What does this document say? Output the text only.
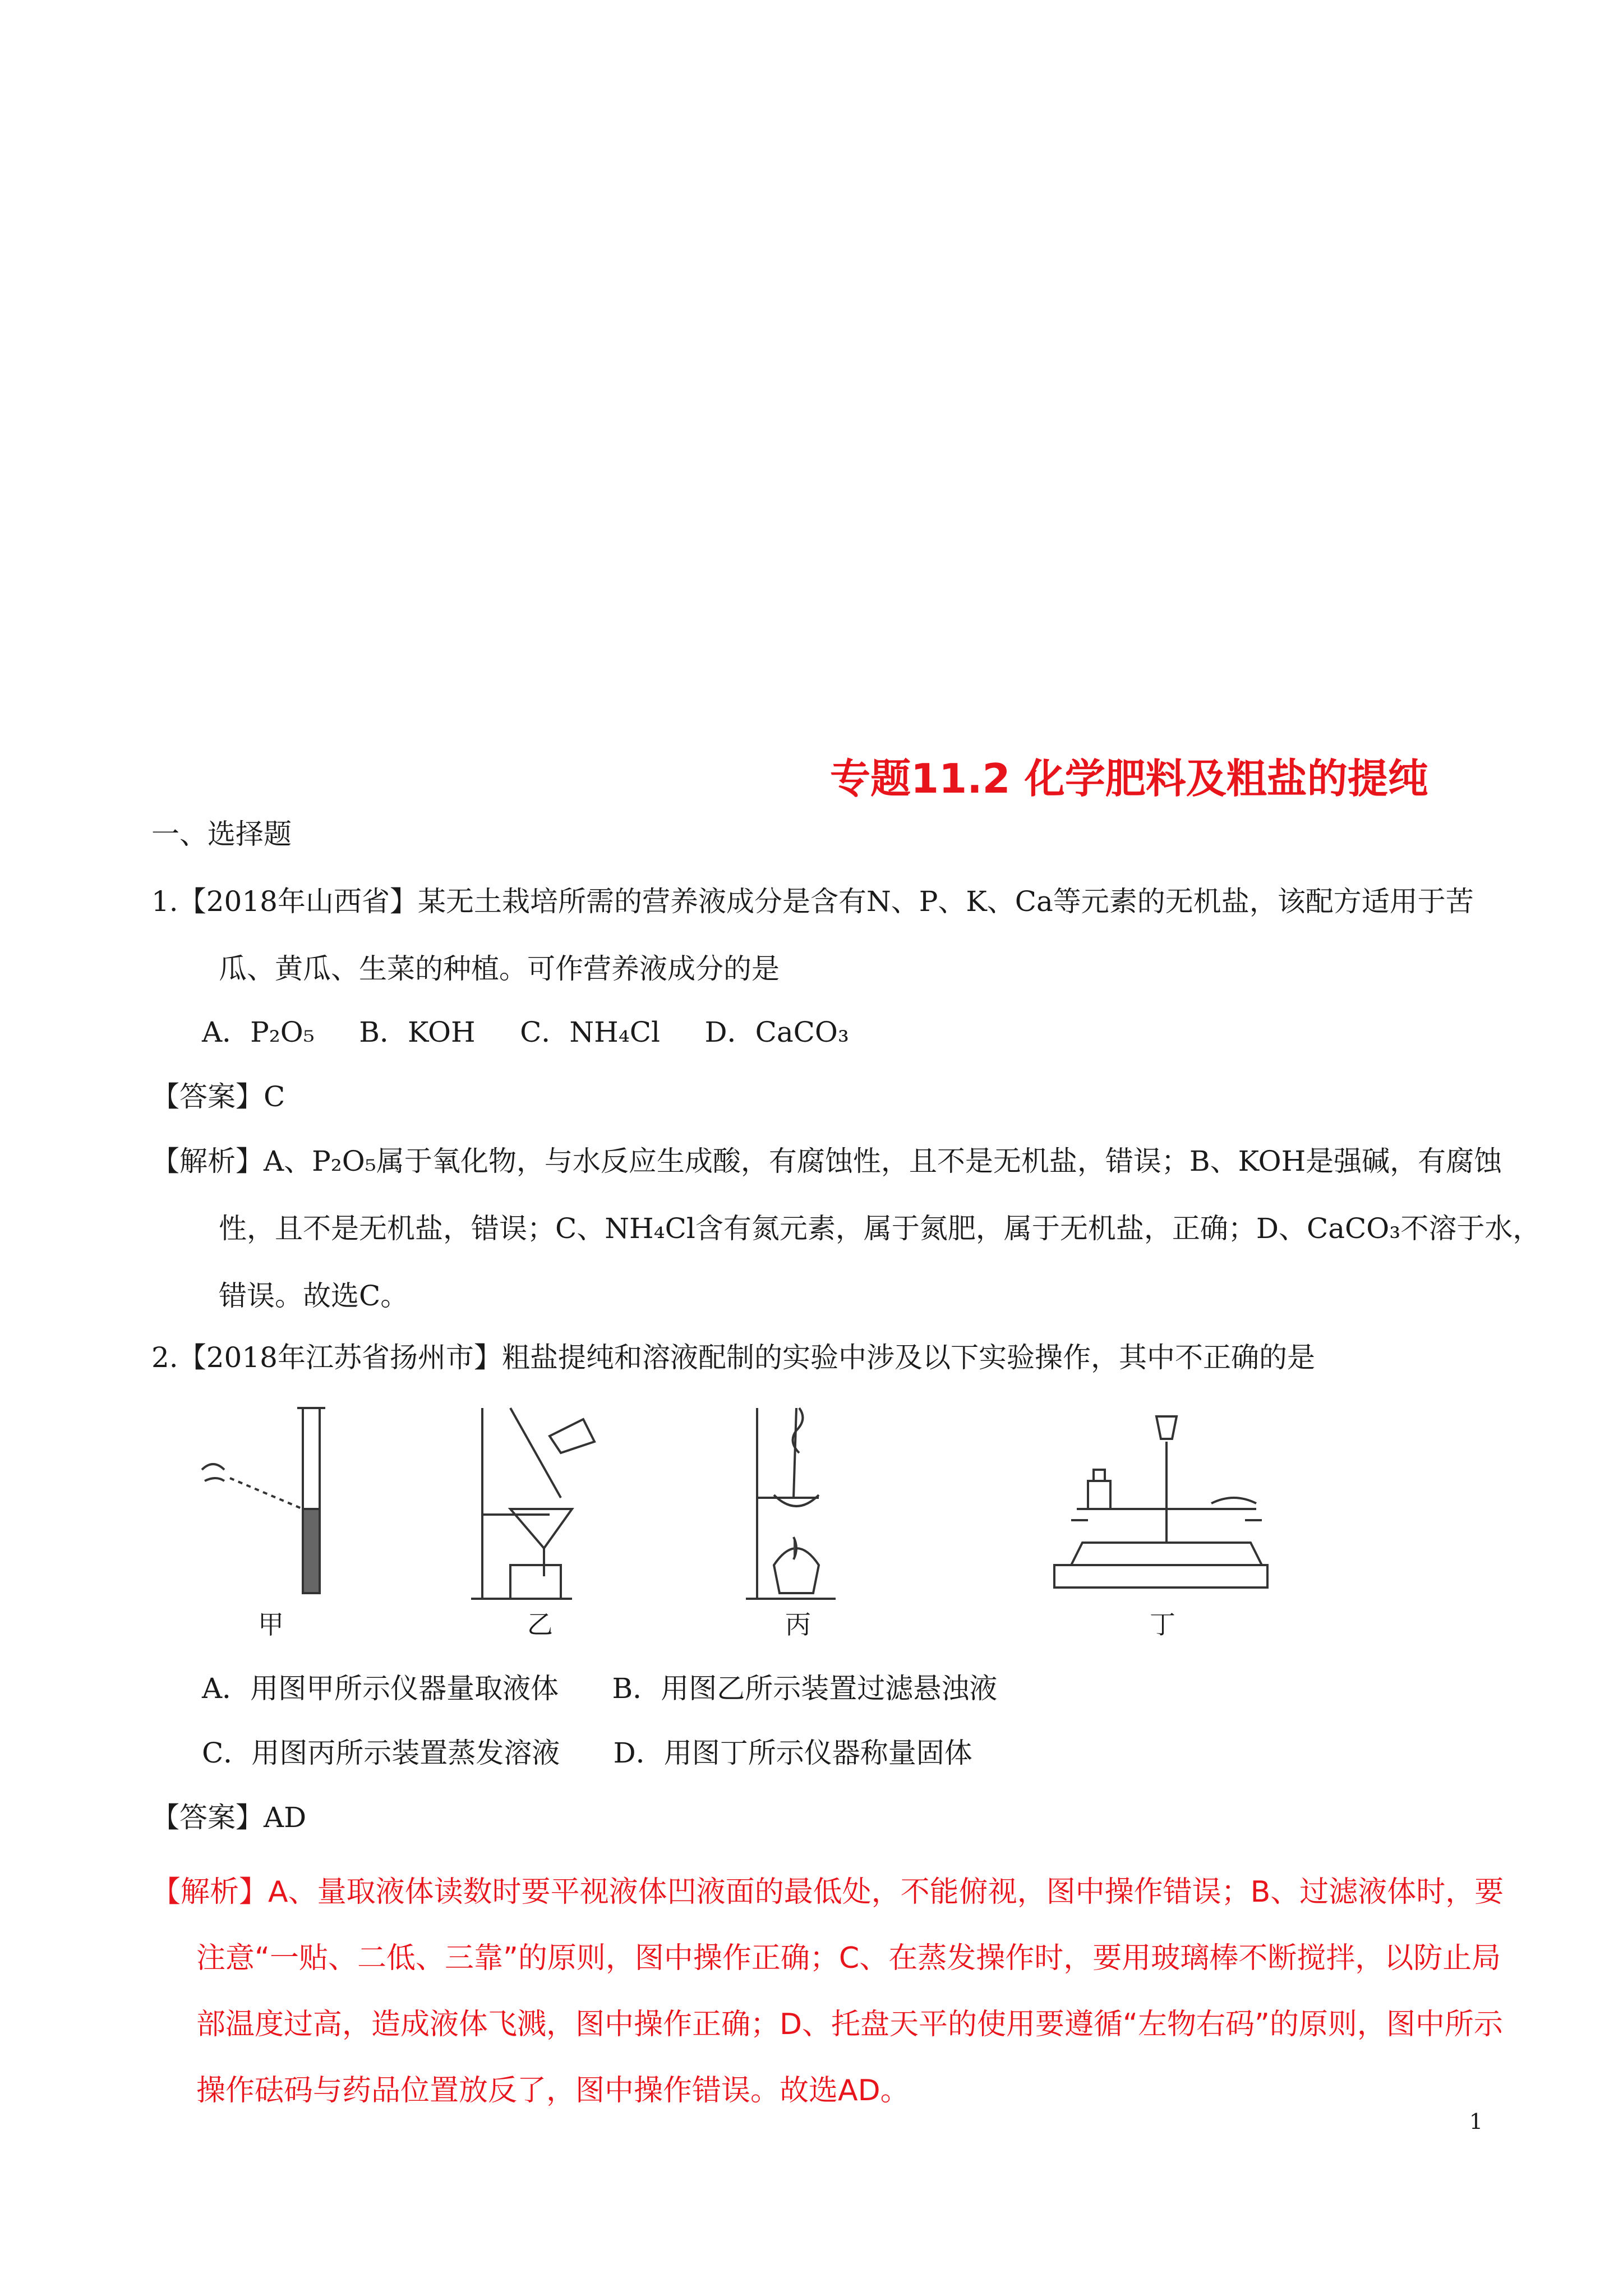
专题11.2 化学肥料及粗盐的提纯
一、选择题
1.【2018年山西省】某无土栽培所需的营养液成分是含有N、P、K、Ca等元素的无机盐，该配方适用于苦
瓜、黄瓜、生菜的种植。可作营养液成分的是
A．P₂O₅     B．KOH     C．NH₄Cl     D．CaCO₃
【答案】C
【解析】A、P₂O₅属于氧化物，与水反应生成酸，有腐蚀性，且不是无机盐，错误；B、KOH是强碱，有腐蚀
性，且不是无机盐，错误；C、NH₄Cl含有氮元素，属于氮肥，属于无机盐，正确；D、CaCO₃不溶于水，
错误。故选C。
2.【2018年江苏省扬州市】粗盐提纯和溶液配制的实验中涉及以下实验操作，其中不正确的是
甲	乙	丙	丁
A．用图甲所示仪器量取液体      B．用图乙所示装置过滤悬浊液
C．用图丙所示装置蒸发溶液      D．用图丁所示仪器称量固体
【答案】AD
【解析】A、量取液体读数时要平视液体凹液面的最低处，不能俯视，图中操作错误；B、过滤液体时，要
注意“一贴、二低、三靠”的原则，图中操作正确；C、在蒸发操作时，要用玻璃棒不断搅拌，以防止局
部温度过高，造成液体飞溅，图中操作正确；D、托盘天平的使用要遵循“左物右码”的原则，图中所示
操作砝码与药品位置放反了，图中操作错误。故选AD。
1
